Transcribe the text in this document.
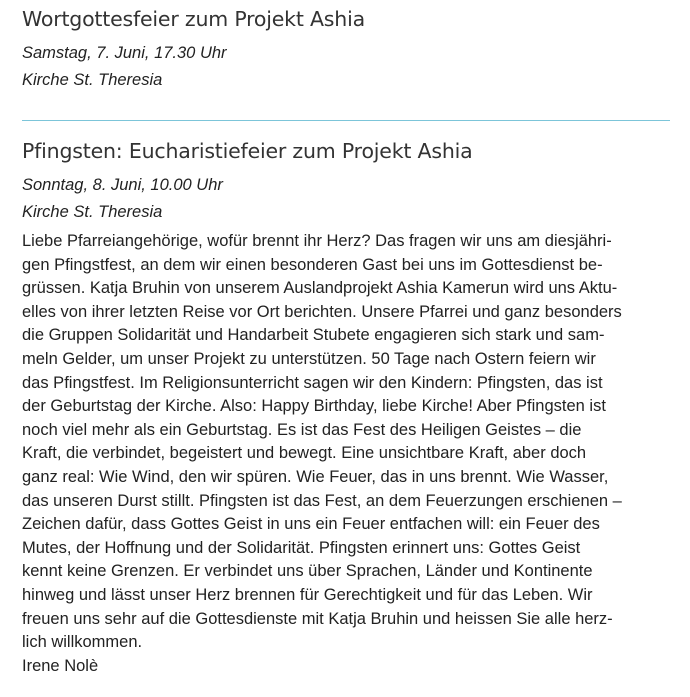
Wortgottesfeier zum Projekt Ashia

Samstag, 7. Juni, 17.30 Uhr

Kirche St. Theresia

Pfingsten: Eucharistiefeier zum Projekt Ashia

Sonntag, 8. Juni, 10.00 Uhr

Kirche St. Theresia

Liebe Pfarreiangehörige, wofür brennt ihr Herz? Das fragen wir uns am diesjähri-
gen Pfingstfest, an dem wir einen besonderen Gast bei uns im Gottesdienst be-
grüssen. Katja Bruhin von unserem Auslandprojekt Ashia Kamerun wird uns Aktu-
elles von ihrer letzten Reise vor Ort berichten. Unsere Pfarrei und ganz besonders
die Gruppen Solidarität und Handarbeit Stubete engagieren sich stark und sam-
meln Gelder, um unser Projekt zu unterstützen. 50 Tage nach Ostern feiern wir
das Pfingstfest. Im Religionsunterricht sagen wir den Kindern: Pfingsten, das ist
der Geburtstag der Kirche. Also: Happy Birthday, liebe Kirche! Aber Pfingsten ist
noch viel mehr als ein Geburtstag. Es ist das Fest des Heiligen Geistes – die
Kraft, die verbindet, begeistert und bewegt. Eine unsichtbare Kraft, aber doch
ganz real: Wie Wind, den wir spüren. Wie Feuer, das in uns brennt. Wie Wasser,
das unseren Durst stillt. Pfingsten ist das Fest, an dem Feuerzungen erschienen –
Zeichen dafür, dass Gottes Geist in uns ein Feuer entfachen will: ein Feuer des
Mutes, der Hoffnung und der Solidarität. Pfingsten erinnert uns: Gottes Geist
kennt keine Grenzen. Er verbindet uns über Sprachen, Länder und Kontinente
hinweg und lässt unser Herz brennen für Gerechtigkeit und für das Leben. Wir
freuen uns sehr auf die Gottesdienste mit Katja Bruhin und heissen Sie alle herz-
lich willkommen.

Irene Nolè
